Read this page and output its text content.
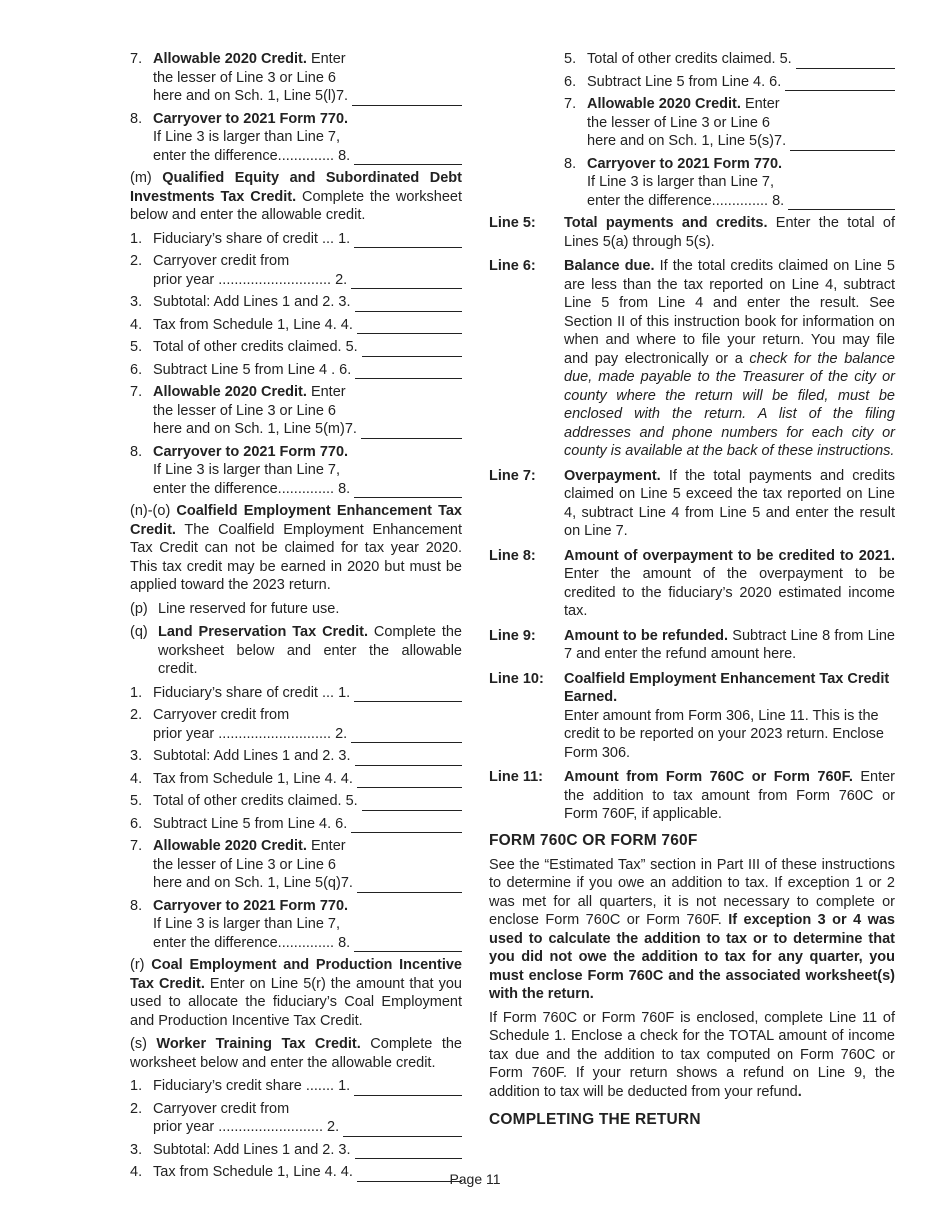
7. Allowable 2020 Credit. Enter
the lesser of Line 3 or Line 6
here and on Sch. 1, Line 5(l)7.
8. Carryover to 2021 Form 770.
If Line 3 is larger than Line 7,
enter the difference.............. 8.

(m) Qualified Equity and Subordinated Debt Investments Tax Credit. Complete the worksheet below and enter the allowable credit.

1. Fiduciary’s share of credit ... 1.
2. Carryover credit from
prior year ............................ 2.
3. Subtotal: Add Lines 1 and 2. 3.
4. Tax from Schedule 1, Line 4. 4.
5. Total of other credits claimed. 5.
6. Subtract Line 5 from Line 4 . 6.
7. Allowable 2020 Credit. Enter
the lesser of Line 3 or Line 6
here and on Sch. 1, Line 5(m)7.
8. Carryover to 2021 Form 770.
If Line 3 is larger than Line 7,
enter the difference.............. 8.

(n)-(o) Coalfield Employment Enhancement Tax Credit. The Coalfield Employment Enhancement Tax Credit can not be claimed for tax year 2020. This tax credit may be earned in 2020 but must be applied toward the 2023 return.

(p) Line reserved for future use.
(q) Land Preservation Tax Credit. Complete the worksheet below and enter the allowable credit.
1. Fiduciary’s share of credit ... 1.
2. Carryover credit from
prior year ............................ 2.
3. Subtotal: Add Lines 1 and 2. 3.
4. Tax from Schedule 1, Line 4. 4.
5. Total of other credits claimed. 5.
6. Subtract Line 5 from Line 4. 6.
7. Allowable 2020 Credit. Enter
the lesser of Line 3 or Line 6
here and on Sch. 1, Line 5(q)7.
8. Carryover to 2021 Form 770.
If Line 3 is larger than Line 7,
enter the difference.............. 8.

(r) Coal Employment and Production Incentive Tax Credit. Enter on Line 5(r) the amount that you used to allocate the fiduciary’s Coal Employment and Production Incentive Tax Credit.

(s) Worker Training Tax Credit. Complete the worksheet below and enter the allowable credit.

1. Fiduciary’s credit share ....... 1.
2. Carryover credit from
prior year .......................... 2.
3. Subtotal: Add Lines 1 and 2. 3.
4. Tax from Schedule 1, Line 4. 4.
5. Total of other credits claimed. 5.
6. Subtract Line 5 from Line 4. 6.
7. Allowable 2020 Credit. Enter
the lesser of Line 3 or Line 6
here and on Sch. 1, Line 5(s)7.
8. Carryover to 2021 Form 770.
If Line 3 is larger than Line 7,
enter the difference.............. 8.
Line 5:	Total payments and credits. Enter the total of Lines 5(a) through 5(s).
Line 6:	Balance due. If the total credits claimed on Line 5 are less than the tax reported on Line 4, subtract Line 5 from Line 4 and enter the result. See Section II of this instruction book for information on when and where to file your return. You may file and pay electronically or a check for the balance due, made payable to the Treasurer of the city or county where the return will be filed, must be enclosed with the return. A list of the filing addresses and phone numbers for each city or county is available at the back of these instructions.
Line 7:	Overpayment. If the total payments and credits claimed on Line 5 exceed the tax reported on Line 4, subtract Line 4 from Line 5 and enter the result on Line 7.
Line 8:	Amount of overpayment to be credited to 2021. Enter the amount of the overpayment to be credited to the fiduciary’s 2020 estimated income tax.
Line 9:	Amount to be refunded. Subtract Line 8 from Line 7 and enter the refund amount here.
Line 10:	Coalfield Employment Enhancement Tax Credit Earned.
Enter amount from Form 306, Line 11. This is the credit to be reported on your 2023 return. Enclose Form 306.
Line 11:	Amount from Form 760C or Form 760F. Enter the addition to tax amount from Form 760C or Form 760F, if applicable.
FORM 760C OR FORM 760F

See the “Estimated Tax” section in Part III of these instructions to determine if you owe an addition to tax. If exception 1 or 2 was met for all quarters, it is not necessary to complete or enclose Form 760C or Form 760F. If exception 3 or 4 was used to calculate the addition to tax or to determine that you did not owe the addition to tax for any quarter, you must enclose Form 760C and the associated worksheet(s) with the return.

If Form 760C or Form 760F is enclosed, complete Line 11 of Schedule 1. Enclose a check for the TOTAL amount of income tax due and the addition to tax computed on Form 760C or Form 760F. If your return shows a refund on Line 9, the addition to tax will be deducted from your refund.

COMPLETING THE RETURN
Page 11
